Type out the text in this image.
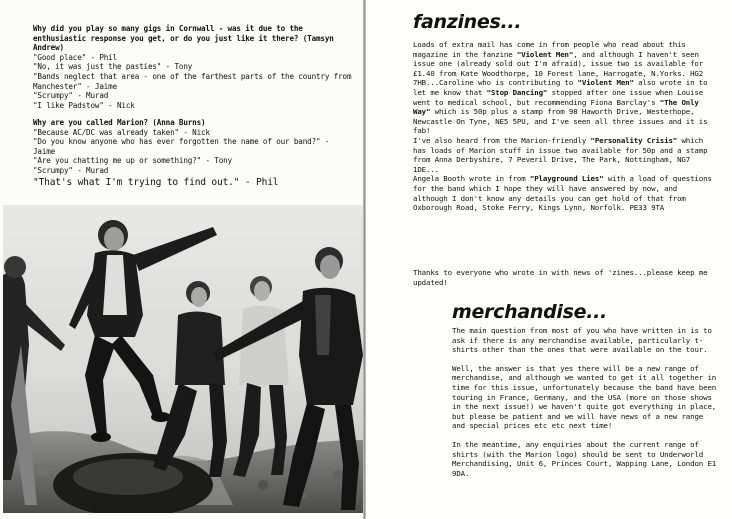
Why did you play so many gigs in Cornwall - was it due to the enthusiastic response you get, or do you just like it there? (Tamsyn Andrew)
"Good place" - Phil
"No, it was just the pasties" - Tony
"Bands neglect that area - one of the farthest parts of the country from Manchester" - Jaime
"Scrumpy" - Murad
"I like Padstow" - Nick
Why are you called Marion? (Anna Burns)
"Because AC/DC was already taken" - Nick
"Do you know anyone who has ever forgotten the name of our band?" - Jaime
"Are you chatting me up or something?" - Tony
"Scrumpy" - Murad
"That's what I'm trying to find out." - Phil
fanzines...

Loads of extra mail has come in from people who read about this magazine in the fanzine "Violent Men", and although I haven't seen issue one (already sold out I'm afraid), issue two is available for £1.40 from Kate Woodthorpe, 10 Forest lane, Harrogate, N.Yorks. HG2 7HB...Caroline who is contributing to "Violent Men" also wrote in to let me know that "Stop Dancing" stopped after one issue when Louise went to medical school, but recommending Fiona Barclay's "The Only Way" which is 50p plus a stamp from 98 Haworth Drive, Westerhope, Newcastle On Tyne, NE5 5PU, and I've seen all three issues and it is fab!
I've also heard from the Marion-friendly "Personality Crisis" which has loads of Marion stuff in issue two available for 50p and a stamp from Anna Derbyshire, 7 Peveril Drive, The Park, Nottingham, NG7 1DE...
Angela Booth wrote in from "Playground Lies" with a load of questions for the band which I hope they will have answered by now, and although I don't know any details you can get hold of that from Oxborough Road, Stoke Ferry, Kings Lynn, Norfolk. PE33 9TA

Thanks to everyone who wrote in with news of 'zines...please keep me updated!
merchandise...

The main question from most of you who have written in is to ask if there is any merchandise available, particularly t-shirts other than the ones that were available on the tour.

Well, the answer is that yes there will be a new range of merchandise, and although we wanted to get it all together in time for this issue, unfortunately because the band have been touring in France, Germany, and the USA (more on those shows in the next issue!) we haven't quite got everything in place, but please be patient and we will have news of a new range and special prices etc etc next time!

In the meantime, any enquiries about the current range of shirts (with the Marion logo) should be sent to Underworld Merchandising, Unit 6, Princes Court, Wapping Lane, London E1 9DA.
